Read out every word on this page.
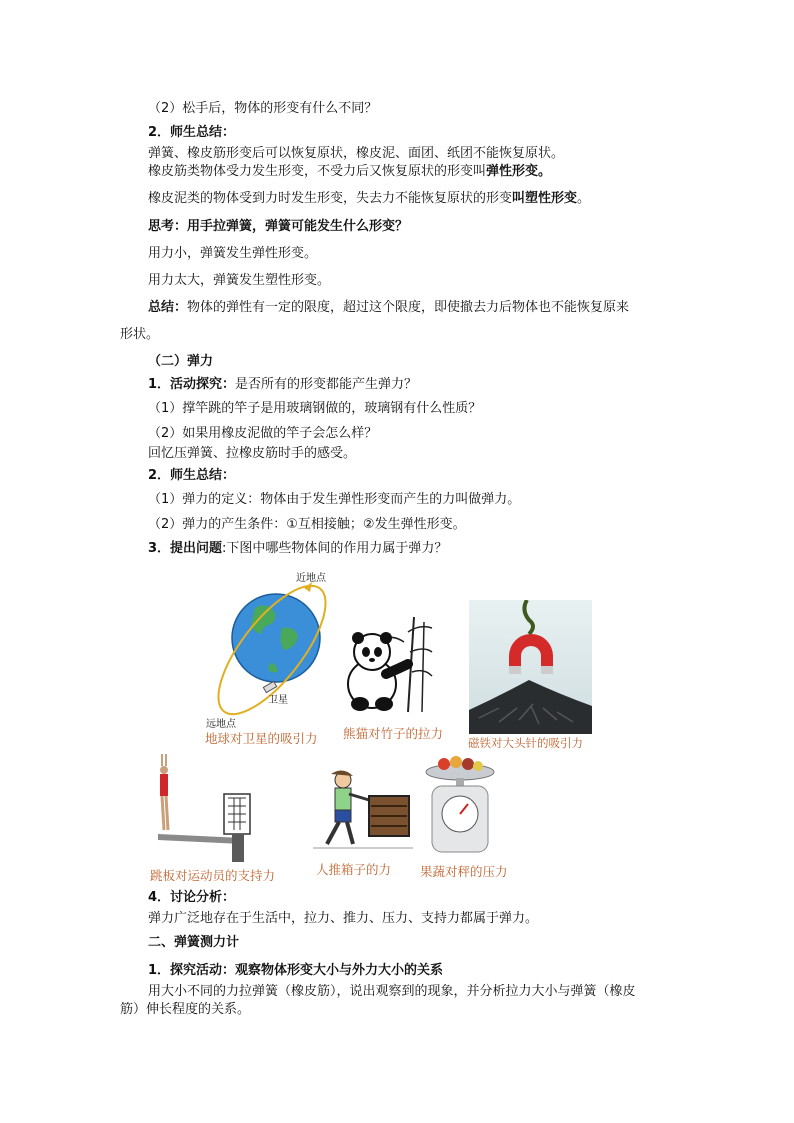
（2）松手后，物体的形变有什么不同？
2．师生总结：
弹簧、橡皮筋形变后可以恢复原状，橡皮泥、面团、纸团不能恢复原状。
橡皮筋类物体受力发生形变，不受力后又恢复原状的形变叫弹性形变。
橡皮泥类的物体受到力时发生形变，失去力不能恢复原状的形变叫塑性形变。
思考：用手拉弹簧，弹簧可能发生什么形变？
用力小，弹簧发生弹性形变。
用力太大，弹簧发生塑性形变。
总结：物体的弹性有一定的限度，超过这个限度，即使撤去力后物体也不能恢复原来
形状。
（二）弹力
1．活动探究：是否所有的形变都能产生弹力？
（1）撑竿跳的竿子是用玻璃钢做的，玻璃钢有什么性质？
（2）如果用橡皮泥做的竿子会怎么样？
回忆压弹簧、拉橡皮筋时手的感受。
2．师生总结：
（1）弹力的定义：物体由于发生弹性形变而产生的力叫做弹力。
（2）弹力的产生条件：①互相接触；②发生弹性形变。
3．提出问题:下图中哪些物体间的作用力属于弹力？
近地点
卫星
远地点
地球对卫星的吸引力 熊猫对竹子的拉力
磁铁对大头针的吸引力
跳板对运动员的支持力	人推箱子的力 果蔬对秤的压力
4．讨论分析：
弹力广泛地存在于生活中，拉力、推力、压力、支持力都属于弹力。
二、弹簧测力计
1．探究活动：观察物体形变大小与外力大小的关系
用大小不同的力拉弹簧（橡皮筋），说出观察到的现象，并分析拉力大小与弹簧（橡皮
筋）伸长程度的关系。
